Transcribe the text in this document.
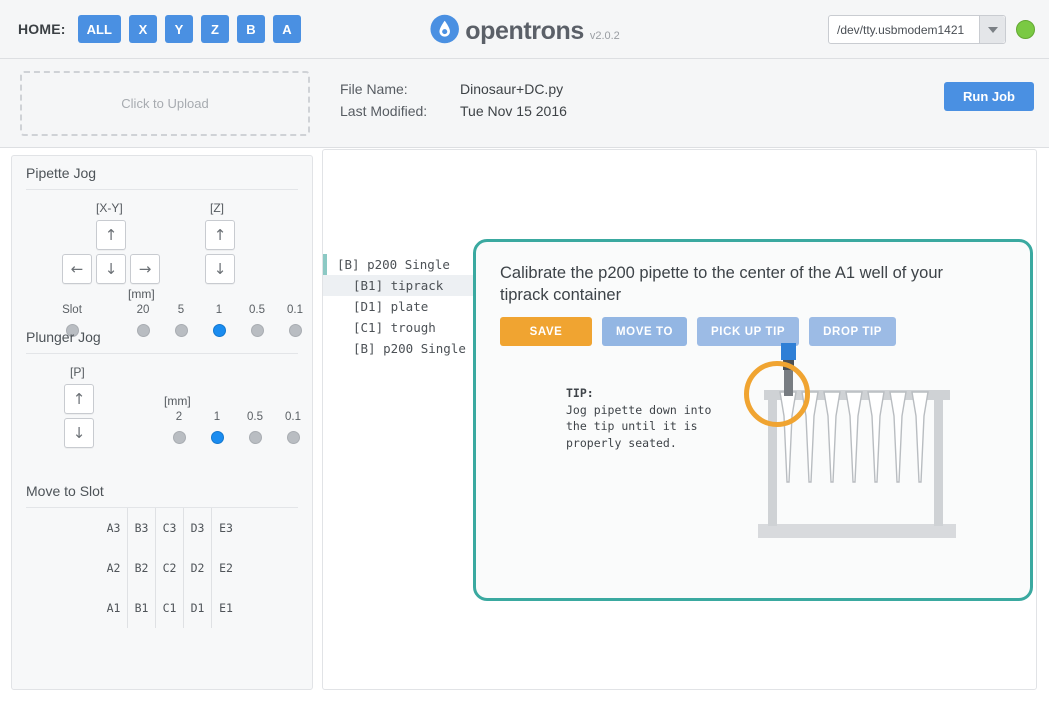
HOME:	ALL	X	Y	Z	B	A	opentrons v2.0.2	/dev/tty.usbmodem1421
Click to Upload
File Name:	Dinosaur+DC.py
Last Modified:	Tue Nov 15 2016
Run Job
Pipette Jog
[X-Y]	[Z]
↑
←	↓	→
↑
↓
[mm]
Slot	20 5	1 0.5 0.1
Plunger Jog
[P]
↑
↓
[mm]
2	1 0.5 0.1
Move to Slot
A3	B3	C3	D3	E3
A2	B2	C2	D2	E2
A1	B1	C1	D1	E1
[B] p200 Single
[B1] tiprack
[D1] plate
[C1] trough
[B] p200 Single
Calibrate the p200 pipette to the center of the A1 well of your tiprack container
SAVE	MOVE TO	PICK UP TIP	DROP TIP
TIP:
Jog pipette down into the tip until it is properly seated.
